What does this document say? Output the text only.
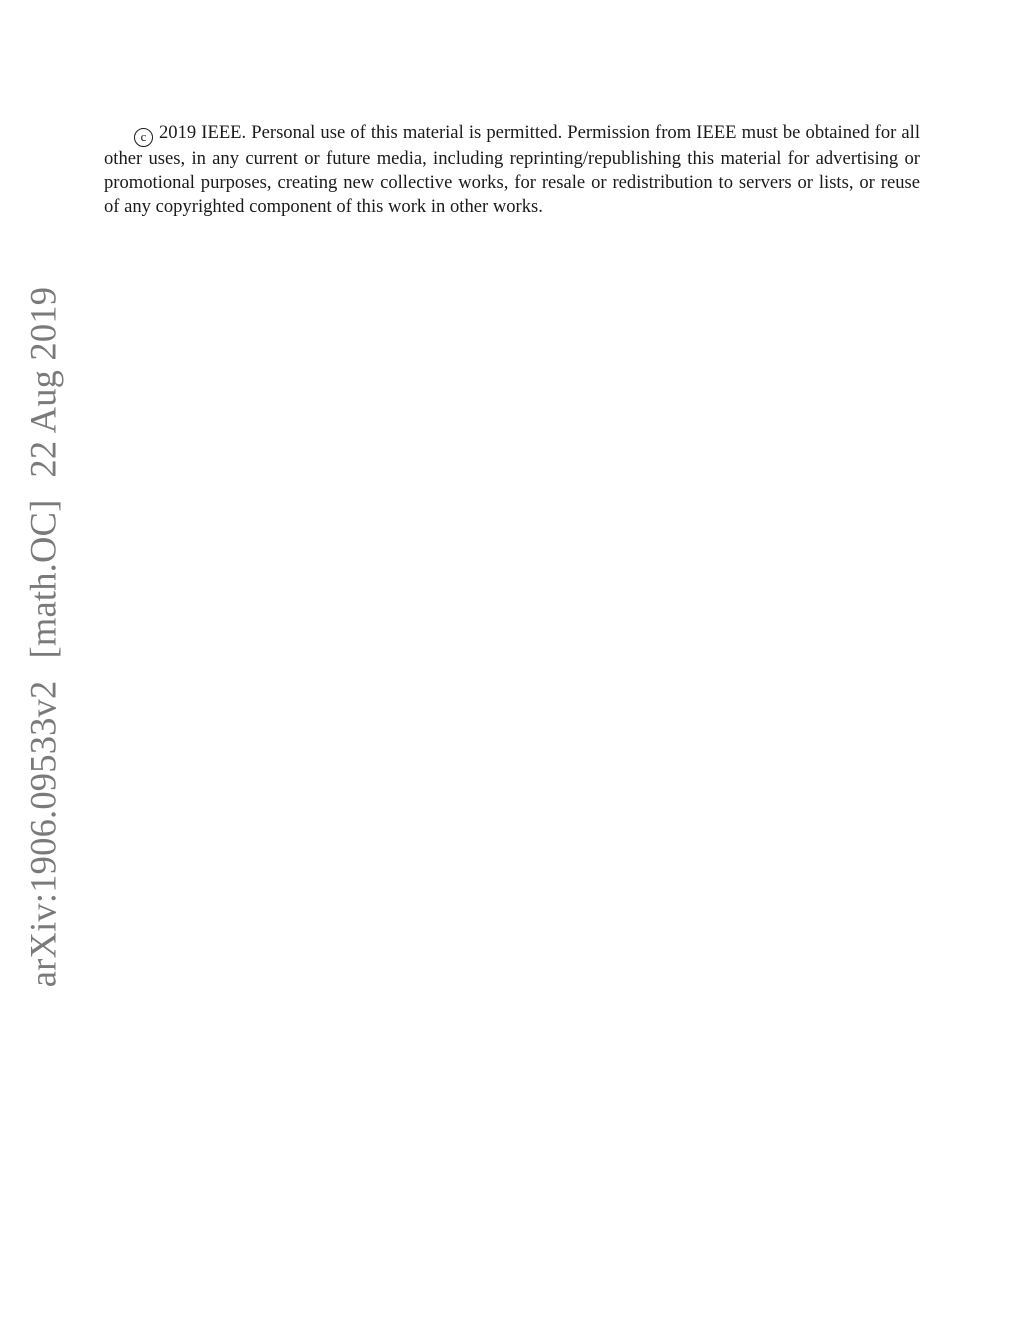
c 2019 IEEE. Personal use of this material is permitted. Permission from IEEE must be obtained for all other uses, in any current or future media, including reprinting/republishing this material for advertising or promotional purposes, creating new collective works, for resale or redistribution to servers or lists, or reuse of any copyrighted component of this work in other works.

arXiv:1906.09533v2[math.OC]22 Aug 2019
